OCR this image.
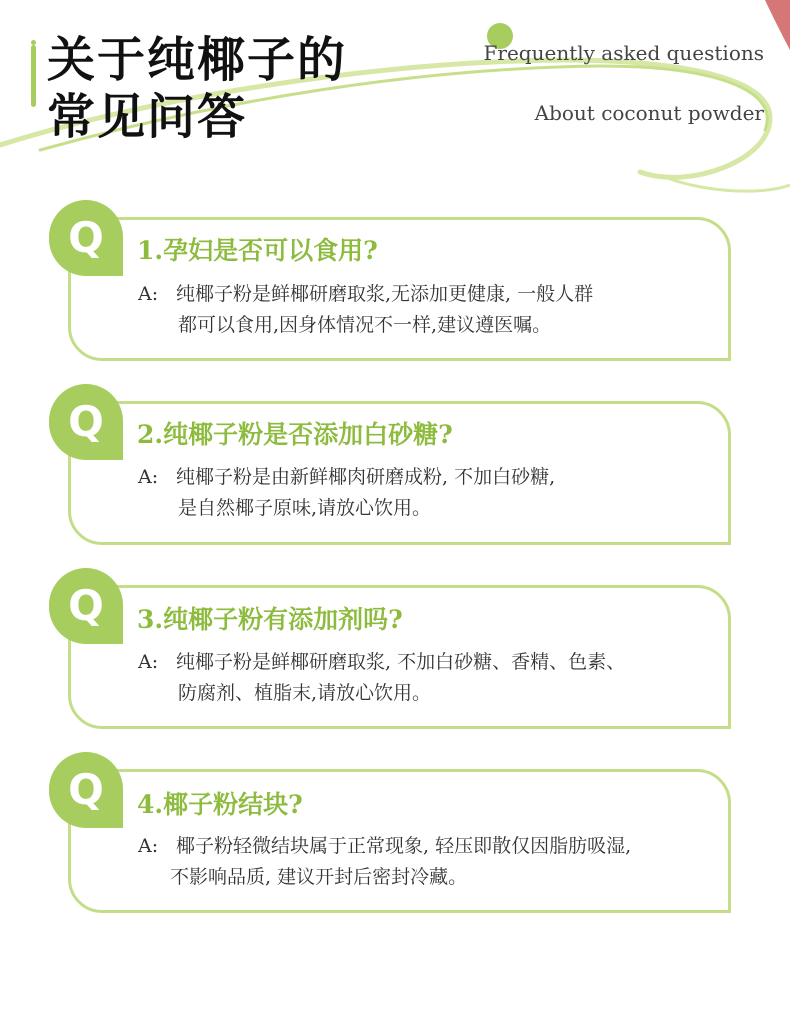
关于纯椰子的
常见问答
Frequently asked questions
About coconut powder
Q	1.孕妇是否可以食用?
A: 纯椰子粉是鲜椰研磨取浆,无添加更健康, 一般人群
都可以食用,因身体情况不一样,建议遵医嘱。
Q	2.纯椰子粉是否添加白砂糖?
A: 纯椰子粉是由新鲜椰肉研磨成粉, 不加白砂糖,
是自然椰子原味,请放心饮用。
Q	3.纯椰子粉有添加剂吗?
A: 纯椰子粉是鲜椰研磨取浆, 不加白砂糖、香精、色素、
防腐剂、植脂末,请放心饮用。
Q	4.椰子粉结块?
A: 椰子粉轻微结块属于正常现象, 轻压即散仅因脂肪吸湿,
不影响品质, 建议开封后密封冷藏。
